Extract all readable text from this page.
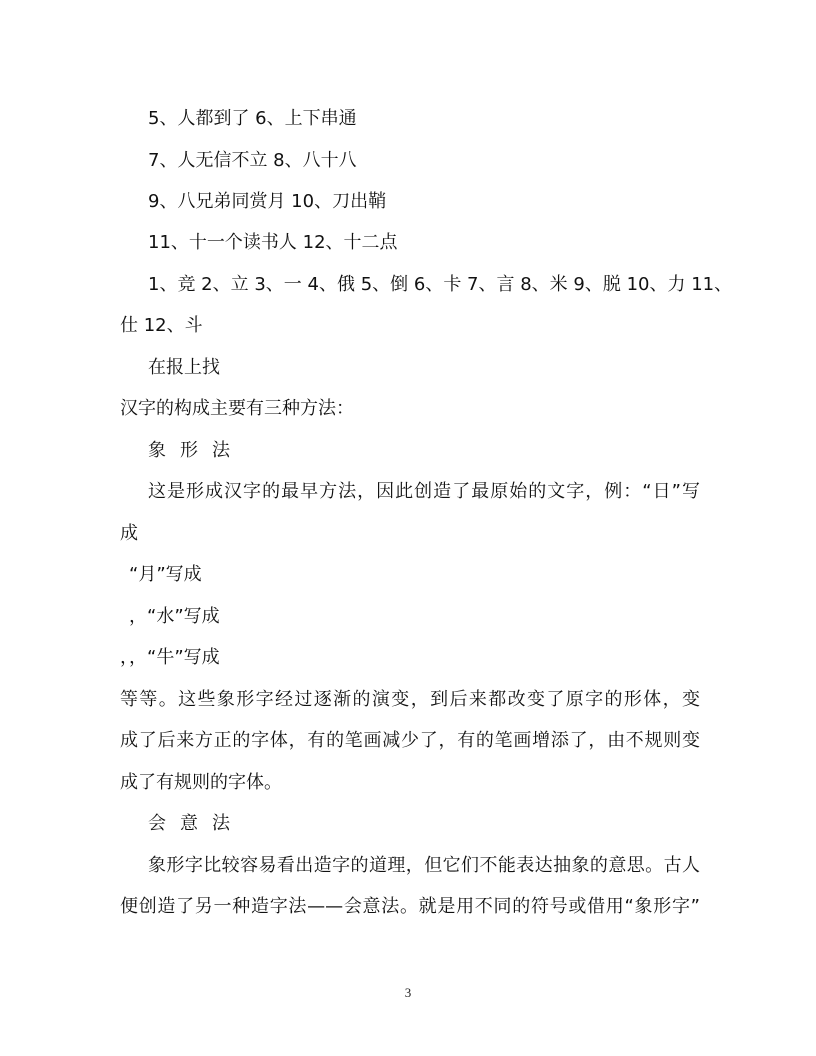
5、人都到了 6、上下串通
7、人无信不立 8、八十八
9、八兄弟同赏月 10、刀出鞘
11、十一个读书人 12、十二点
1、竞 2、立 3、一 4、俄 5、倒 6、卡 7、言 8、米 9、脱 10、力 11、
仕 12、斗
在报上找
汉字的构成主要有三种方法：
象形法
这是形成汉字的最早方法，因此创造了最原始的文字，例：“日”写
成
“月”写成
，“水”写成
，，“牛”写成
等等。这些象形字经过逐渐的演变，到后来都改变了原字的形体，变
成了后来方正的字体，有的笔画减少了，有的笔画增添了，由不规则变
成了有规则的字体。
会意法
象形字比较容易看出造字的道理，但它们不能表达抽象的意思。古人
便创造了另一种造字法——会意法。就是用不同的符号或借用“象形字”
3
